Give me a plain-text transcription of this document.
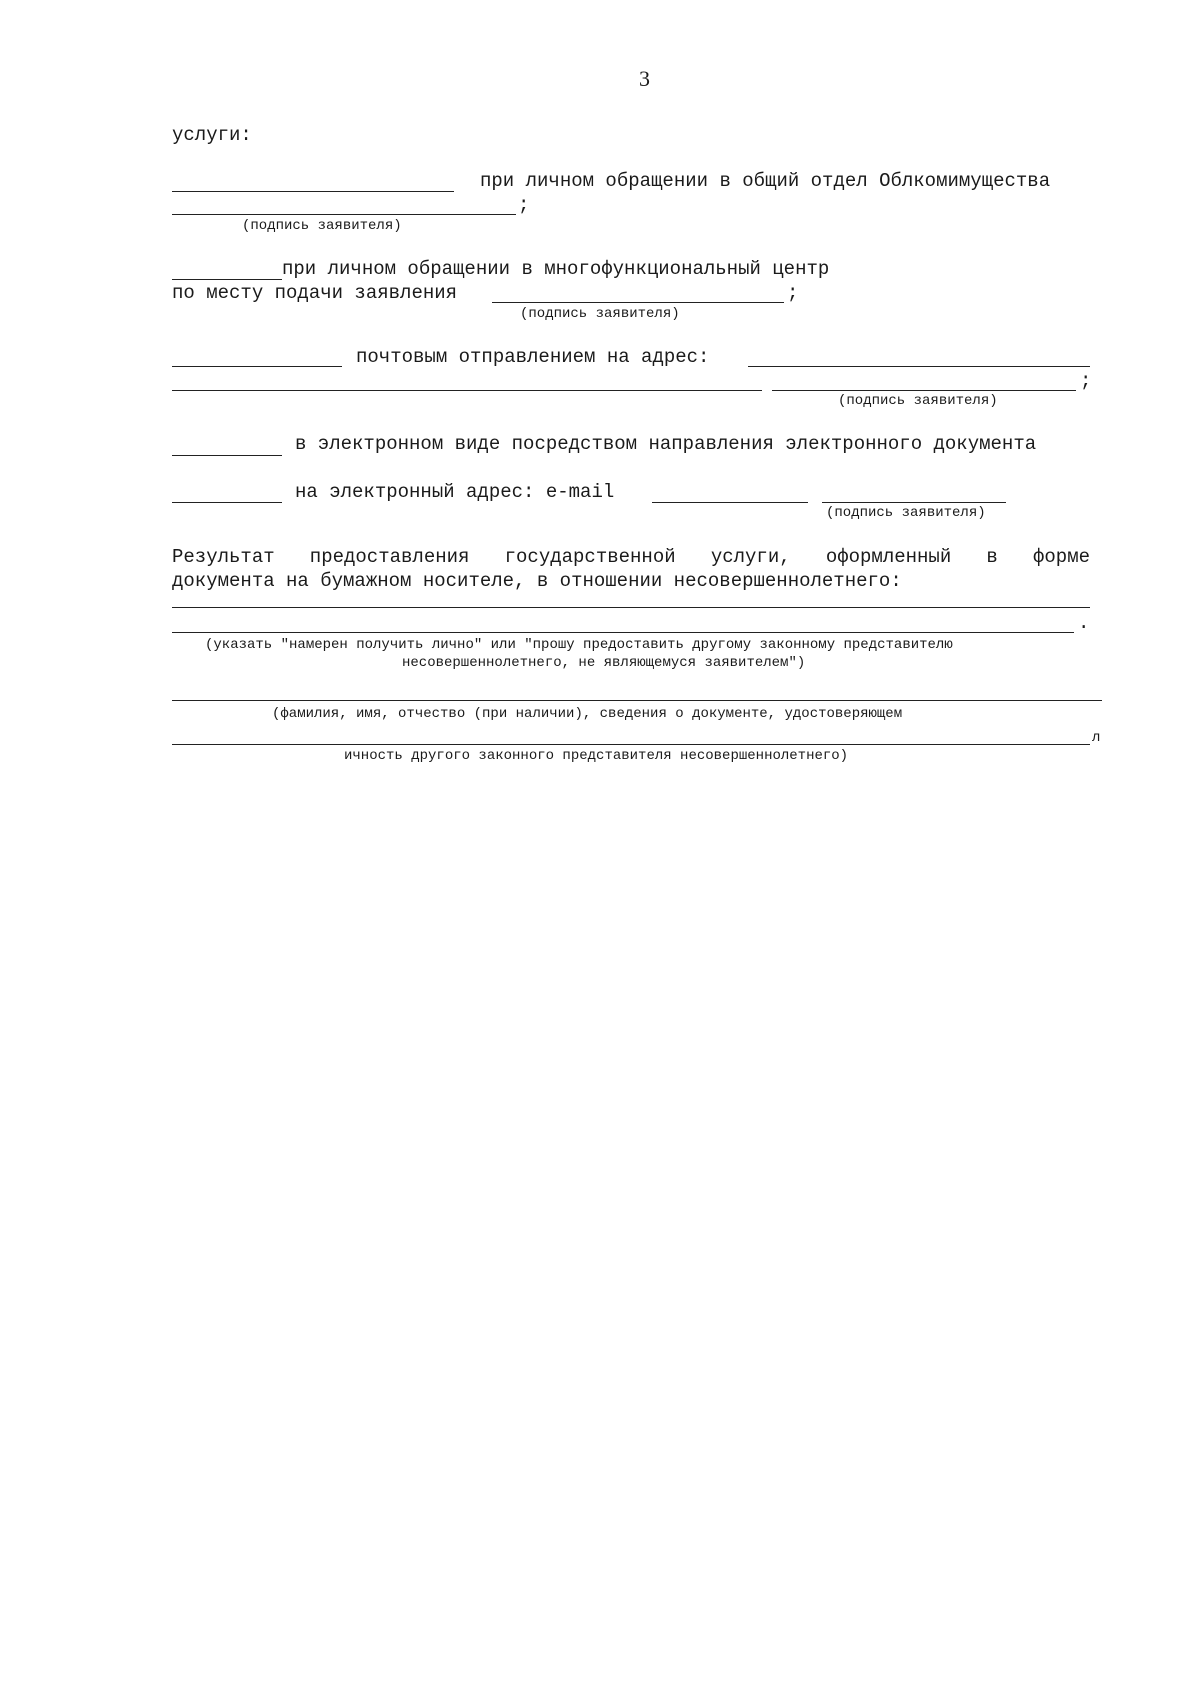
3
услуги:
при личном обращении в общий отдел Облкомимущества
;
(подпись заявителя)
при личном обращении в многофункциональный центр
по месту подачи заявления	;
(подпись заявителя)
почтовым отправлением на адрес:
;
(подпись заявителя)
в электронном виде посредством направления электронного документа
на электронный адрес: e-mail
(подпись заявителя)
Результат предоставления государственной услуги, оформленный в форме
документа на бумажном носителе, в отношении несовершеннолетнего:
.
(указать "намерен получить лично" или "прошу предоставить другому законному представителю
несовершеннолетнего, не являющемуся заявителем")
(фамилия, имя, отчество (при наличии), сведения о документе, удостоверяющем
л
ичность другого законного представителя несовершеннолетнего)
